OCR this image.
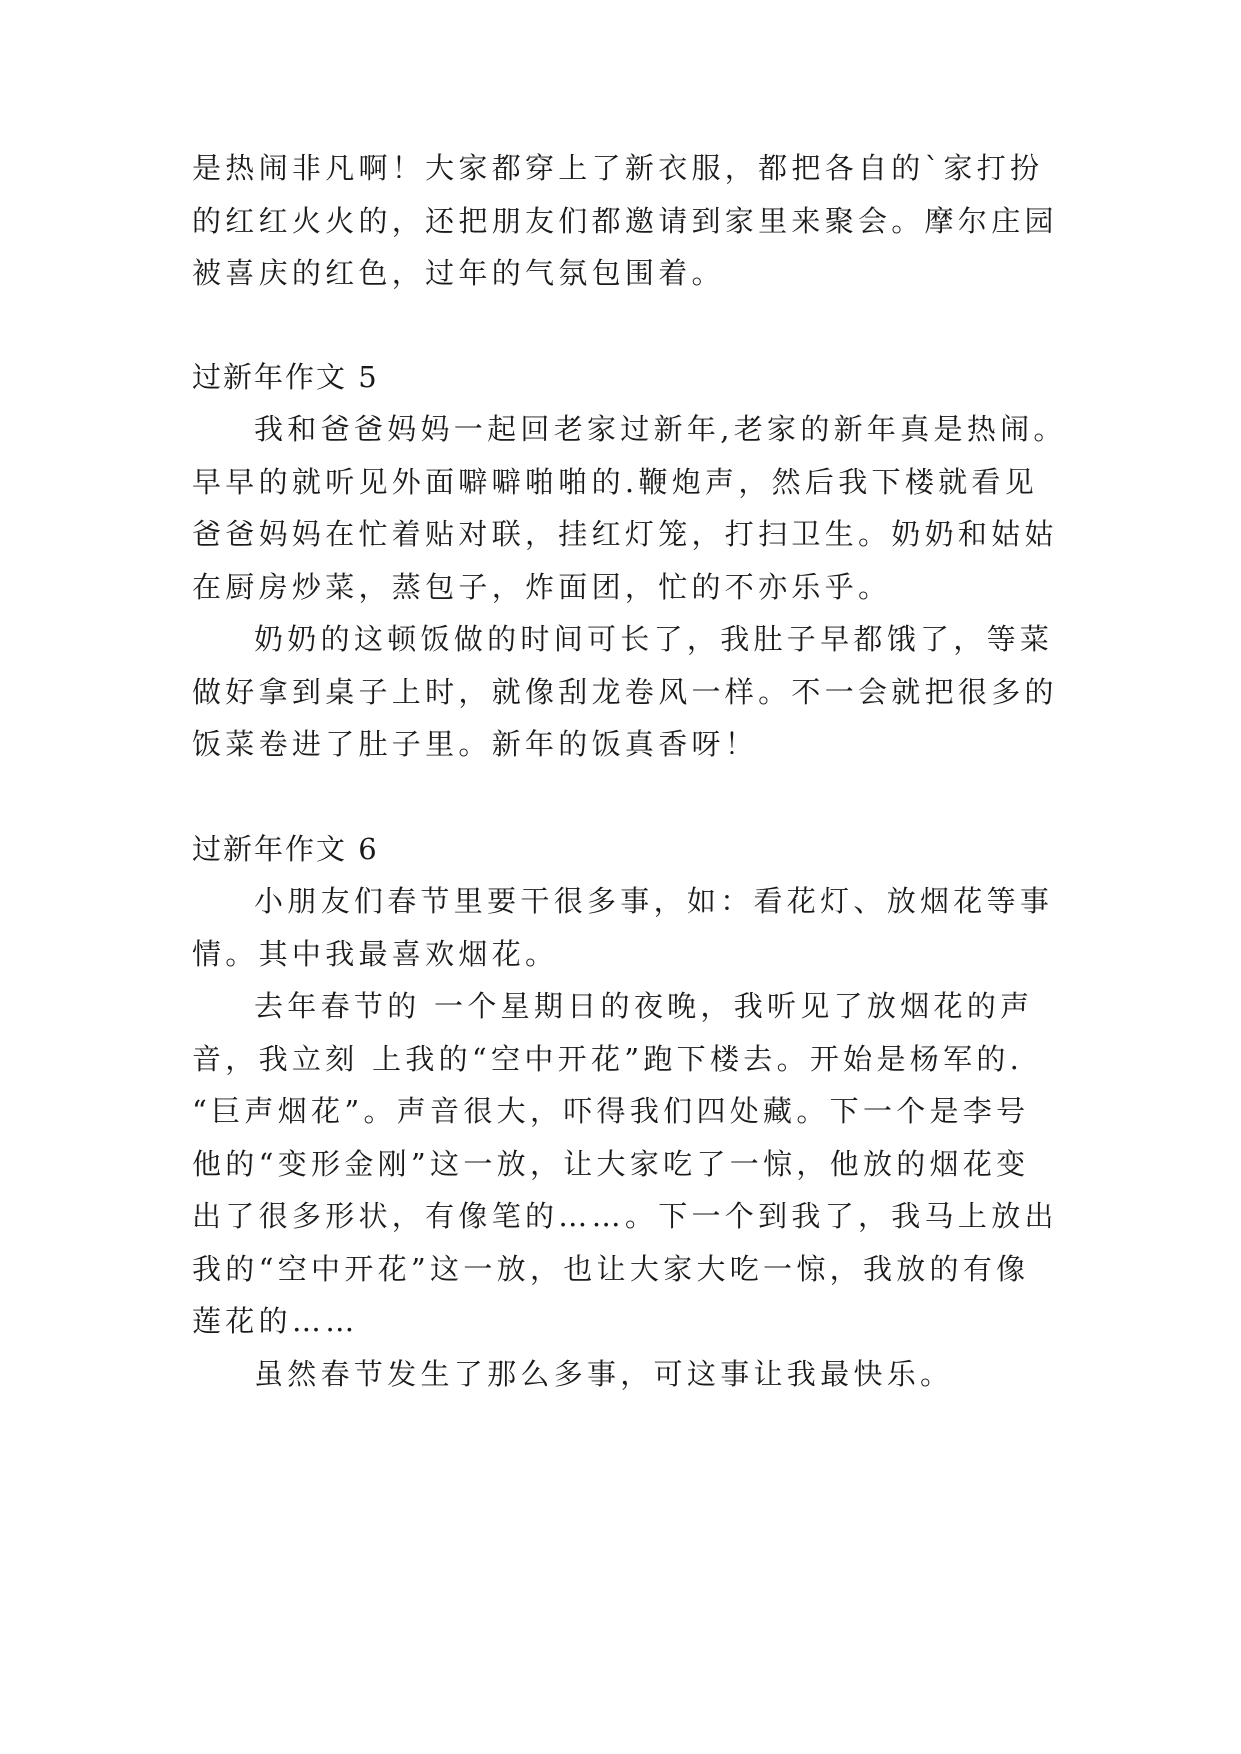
是热闹非凡啊！大家都穿上了新衣服，都把各自的`家打扮
的红红火火的，还把朋友们都邀请到家里来聚会。摩尔庄园
被喜庆的红色，过年的气氛包围着。
过新年作文 5
我和爸爸妈妈一起回老家过新年,老家的新年真是热闹。
早早的就听见外面噼噼啪啪的.鞭炮声，然后我下楼就看见
爸爸妈妈在忙着贴对联，挂红灯笼，打扫卫生。奶奶和姑姑
在厨房炒菜，蒸包子，炸面团，忙的不亦乐乎。
奶奶的这顿饭做的时间可长了，我肚子早都饿了，等菜
做好拿到桌子上时，就像刮龙卷风一样。不一会就把很多的
饭菜卷进了肚子里。新年的饭真香呀！
过新年作文 6
小朋友们春节里要干很多事，如：看花灯、放烟花等事
情。其中我最喜欢烟花。
去年春节的 一个星期日的夜晚，我听见了放烟花的声
音，我立刻 上我的“空中开花”跑下楼去。开始是杨军的.
“巨声烟花”。声音很大，吓得我们四处藏。下一个是李号
他的“变形金刚”这一放，让大家吃了一惊，他放的烟花变
出了很多形状，有像笔的……。下一个到我了，我马上放出
我的“空中开花”这一放，也让大家大吃一惊，我放的有像
莲花的……
虽然春节发生了那么多事，可这事让我最快乐。
